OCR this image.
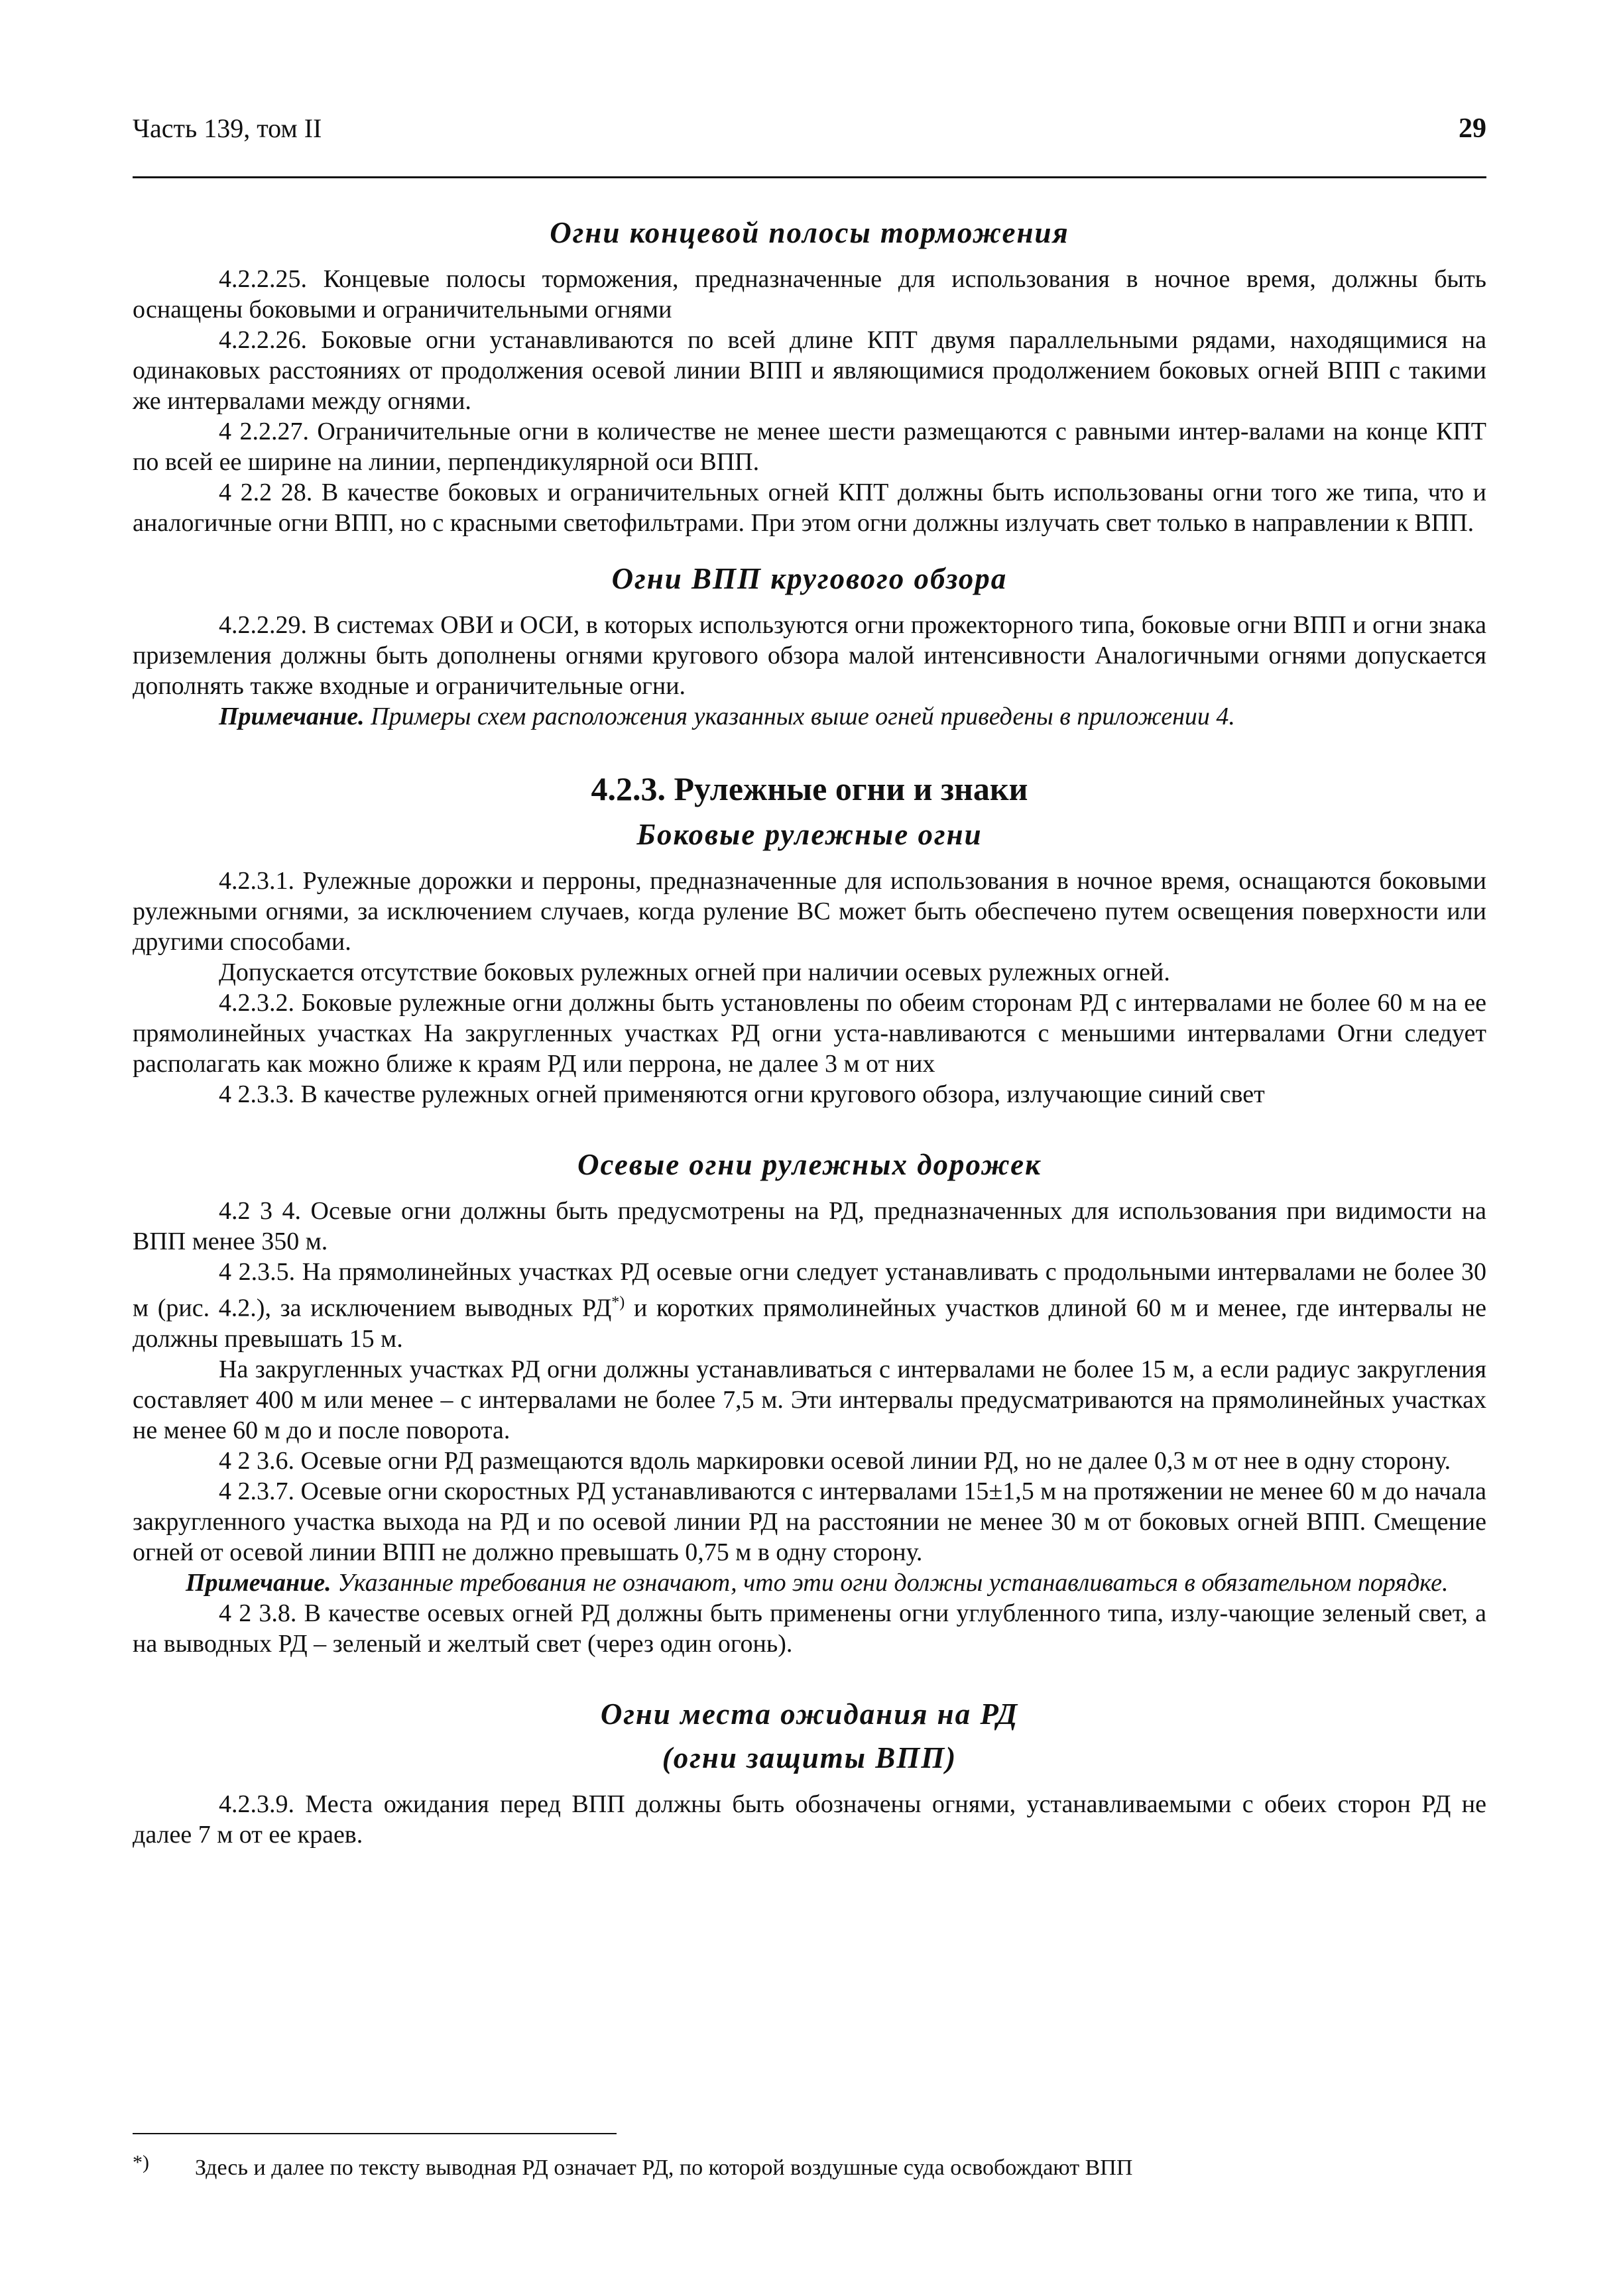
Часть 139, том II	29
Огни концевой полосы торможения

4.2.2.25. Концевые полосы торможения, предназначенные для использования в ночное время, должны быть оснащены боковыми и ограничительными огнями

4.2.2.26. Боковые огни устанавливаются по всей длине КПТ двумя параллельными рядами, находящимися на одинаковых расстояниях от продолжения осевой линии ВПП и являющимися продолжением боковых огней ВПП с такими же интервалами между огнями.

4 2.2.27. Ограничительные огни в количестве не менее шести размещаются с равными интер-валами на конце КПТ по всей ее ширине на линии, перпендикулярной оси ВПП.

4 2.2 28. В качестве боковых и ограничительных огней КПТ должны быть использованы огни того же типа, что и аналогичные огни ВПП, но с красными светофильтрами. При этом огни должны излучать свет только в направлении к ВПП.

Огни ВПП кругового обзора

4.2.2.29. В системах ОВИ и ОСИ, в которых используются огни прожекторного типа, боковые огни ВПП и огни знака приземления должны быть дополнены огнями кругового обзора малой интенсивности Аналогичными огнями допускается дополнять также входные и ограничительные огни.

Примечание. Примеры схем расположения указанных выше огней приведены в приложении 4.

4.2.3. Рулежные огни и знаки
Боковые рулежные огни

4.2.3.1. Рулежные дорожки и перроны, предназначенные для использования в ночное время, оснащаются боковыми рулежными огнями, за исключением случаев, когда руление ВС может быть обеспечено путем освещения поверхности или другими способами.

Допускается отсутствие боковых рулежных огней при наличии осевых рулежных огней.

4.2.3.2. Боковые рулежные огни должны быть установлены по обеим сторонам РД с интервалами не более 60 м на ее прямолинейных участках На закругленных участках РД огни уста-навливаются с меньшими интервалами Огни следует располагать как можно ближе к краям РД или перрона, не далее 3 м от них

4 2.3.3. В качестве рулежных огней применяются огни кругового обзора, излучающие синий свет

Осевые огни рулежных дорожек

4.2 3 4. Осевые огни должны быть предусмотрены на РД, предназначенных для использования при видимости на ВПП менее 350 м.

4 2.3.5. На прямолинейных участках РД осевые огни следует устанавливать с продольными интервалами не более 30 м (рис. 4.2.), за исключением выводных РД*) и коротких прямолинейных участков длиной 60 м и менее, где интервалы не должны превышать 15 м.

На закругленных участках РД огни должны устанавливаться с интервалами не более 15 м, а если радиус закругления составляет 400 м или менее – с интервалами не более 7,5 м. Эти интервалы предусматриваются на прямолинейных участках не менее 60 м до и после поворота.

4 2 3.6. Осевые огни РД размещаются вдоль маркировки осевой линии РД, но не далее 0,3 м от нее в одну сторону.

4 2.3.7. Осевые огни скоростных РД устанавливаются с интервалами 15±1,5 м на протяжении не менее 60 м до начала закругленного участка выхода на РД и по осевой линии РД на расстоянии не менее 30 м от боковых огней ВПП. Смещение огней от осевой линии ВПП не должно превышать 0,75 м в одну сторону.

Примечание. Указанные требования не означают, что эти огни должны устанавливаться в обязательном порядке.

4 2 3.8. В качестве осевых огней РД должны быть применены огни углубленного типа, излу-чающие зеленый свет, а на выводных РД – зеленый и желтый свет (через один огонь).

Огни места ожидания на РД
(огни защиты ВПП)

4.2.3.9. Места ожидания перед ВПП должны быть обозначены огнями, устанавливаемыми с обеих сторон РД не далее 7 м от ее краев.

*) Здесь и далее по тексту выводная РД означает РД, по которой воздушные суда освобождают ВПП
